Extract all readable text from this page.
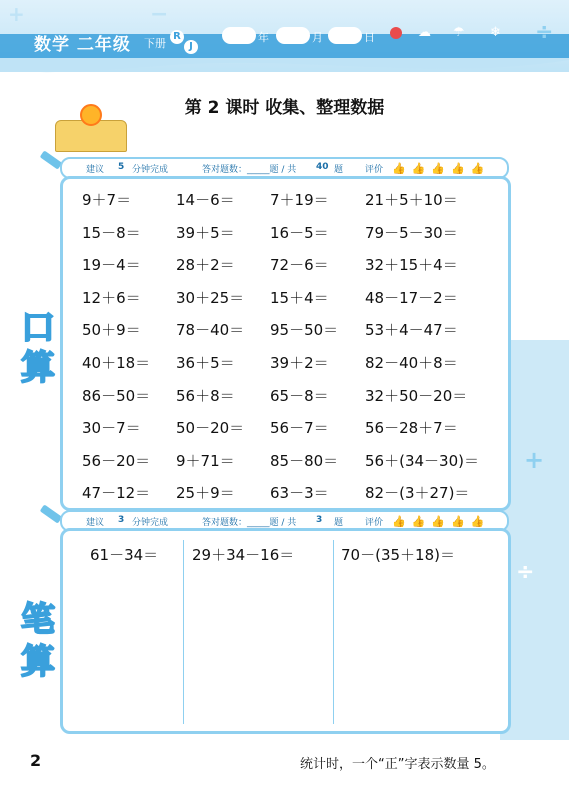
+	−
÷
数学 二年级 下册
R
J
年	月	日	☁ ☂ ❄
第 2 课时 收集、整理数据
+
÷
建议 5 分钟完成	答对题数：_____题 / 共 40 题 评价 👍👍👍👍👍
口
算
9＋7＝	14－6＝ 7＋19＝ 21＋5＋10＝
15－8＝ 39＋5＝ 16－5＝ 79－5－30＝
19－4＝ 28＋2＝ 72－6＝ 32＋15＋4＝
12＋6＝ 30＋25＝ 15＋4＝ 48－17－2＝
50＋9＝ 78－40＝ 95－50＝ 53＋4－47＝
40＋18＝ 36＋5＝ 39＋2＝ 82－40＋8＝
86－50＝ 56＋8＝ 65－8＝ 32＋50－20＝
30－7＝ 50－20＝ 56－7＝ 56－28＋7＝
56－20＝ 9＋71＝ 85－80＝ 56＋(34－30)＝
47－12＝ 25＋9＝ 63－3＝ 82－(3＋27)＝
建议 3 分钟完成	答对题数：_____题 / 共 3 题 评价 👍👍👍👍👍
笔
算
61－34＝ 29＋34－16＝	70－(35＋18)＝
2	统计时，一个“正”字表示数量 5。
